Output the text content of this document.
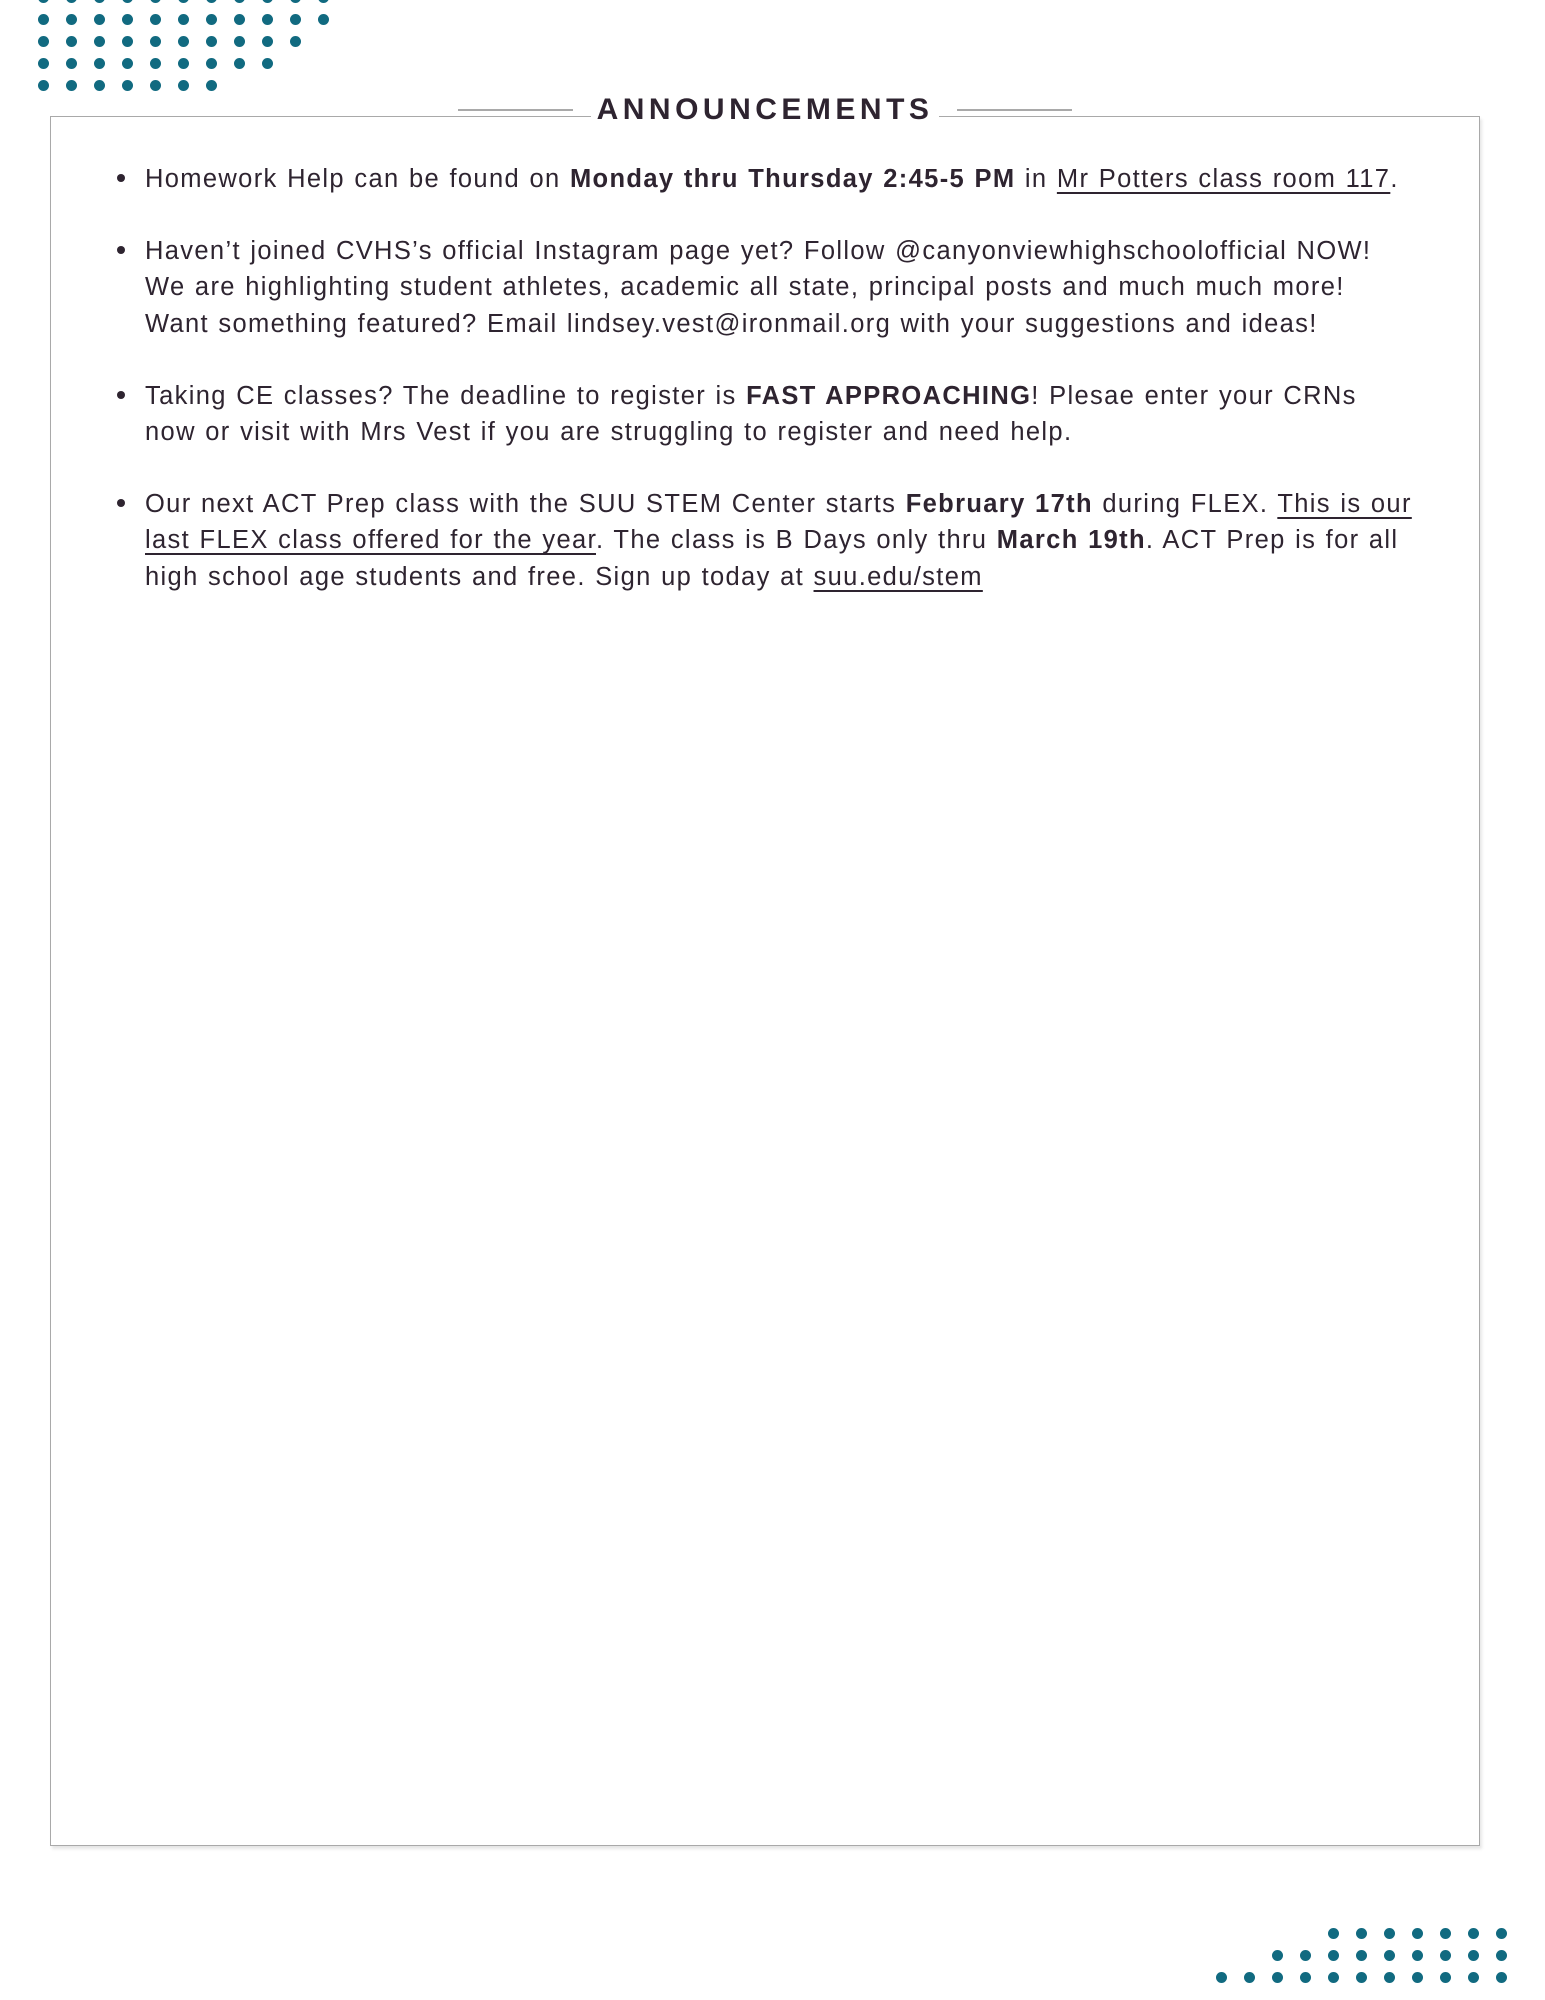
ANNOUNCEMENTS
Homework Help can be found on Monday thru Thursday 2:45-5 PM in Mr Potters class room 117.
Haven’t joined CVHS’s official Instagram page yet? Follow @canyonviewhighschoolofficial NOW! We are highlighting student athletes, academic all state, principal posts and much much more! Want something featured? Email lindsey.vest@ironmail.org with your suggestions and ideas!
Taking CE classes? The deadline to register is FAST APPROACHING! Plesae enter your CRNs now or visit with Mrs Vest if you are struggling to register and need help.
Our next ACT Prep class with the SUU STEM Center starts February 17th during FLEX. This is our last FLEX class offered for the year. The class is B Days only thru March 19th. ACT Prep is for all high school age students and free. Sign up today at suu.edu/stem
